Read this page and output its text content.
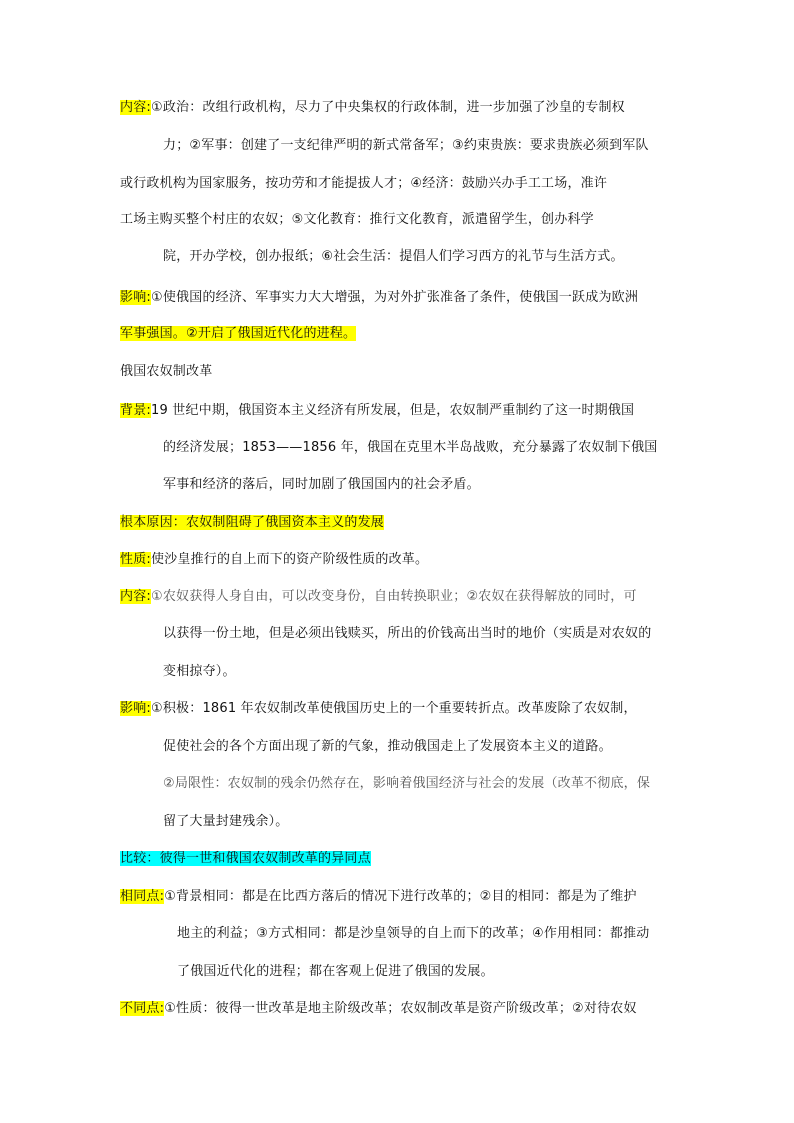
内容:①政治：改组行政机构，尽力了中央集权的行政体制，进一步加强了沙皇的专制权
力；②军事：创建了一支纪律严明的新式常备军；③约束贵族：要求贵族必须到军队
或行政机构为国家服务，按功劳和才能提拔人才；④经济：鼓励兴办手工工场，准许
工场主购买整个村庄的农奴；⑤文化教育：推行文化教育，派遣留学生，创办科学
院，开办学校，创办报纸；⑥社会生活：提倡人们学习西方的礼节与生活方式。
影响:①使俄国的经济、军事实力大大增强，为对外扩张准备了条件，使俄国一跃成为欧洲
军事强国。②开启了俄国近代化的进程。
俄国农奴制改革
背景:19 世纪中期，俄国资本主义经济有所发展，但是，农奴制严重制约了这一时期俄国
的经济发展；1853——1856 年，俄国在克里木半岛战败，充分暴露了农奴制下俄国
军事和经济的落后，同时加剧了俄国国内的社会矛盾。
根本原因：农奴制阻碍了俄国资本主义的发展
性质:使沙皇推行的自上而下的资产阶级性质的改革。
内容:①农奴获得人身自由，可以改变身份，自由转换职业；②农奴在获得解放的同时，可
以获得一份土地，但是必须出钱赎买，所出的价钱高出当时的地价（实质是对农奴的
变相掠夺）。
影响:①积极：1861 年农奴制改革使俄国历史上的一个重要转折点。改革废除了农奴制，
促使社会的各个方面出现了新的气象，推动俄国走上了发展资本主义的道路。
②局限性：农奴制的残余仍然存在，影响着俄国经济与社会的发展（改革不彻底，保
留了大量封建残余）。
比较：彼得一世和俄国农奴制改革的异同点
相同点:①背景相同：都是在比西方落后的情况下进行改革的；②目的相同：都是为了维护
地主的利益；③方式相同：都是沙皇领导的自上而下的改革；④作用相同：都推动
了俄国近代化的进程；都在客观上促进了俄国的发展。
不同点:①性质：彼得一世改革是地主阶级改革；农奴制改革是资产阶级改革；②对待农奴
